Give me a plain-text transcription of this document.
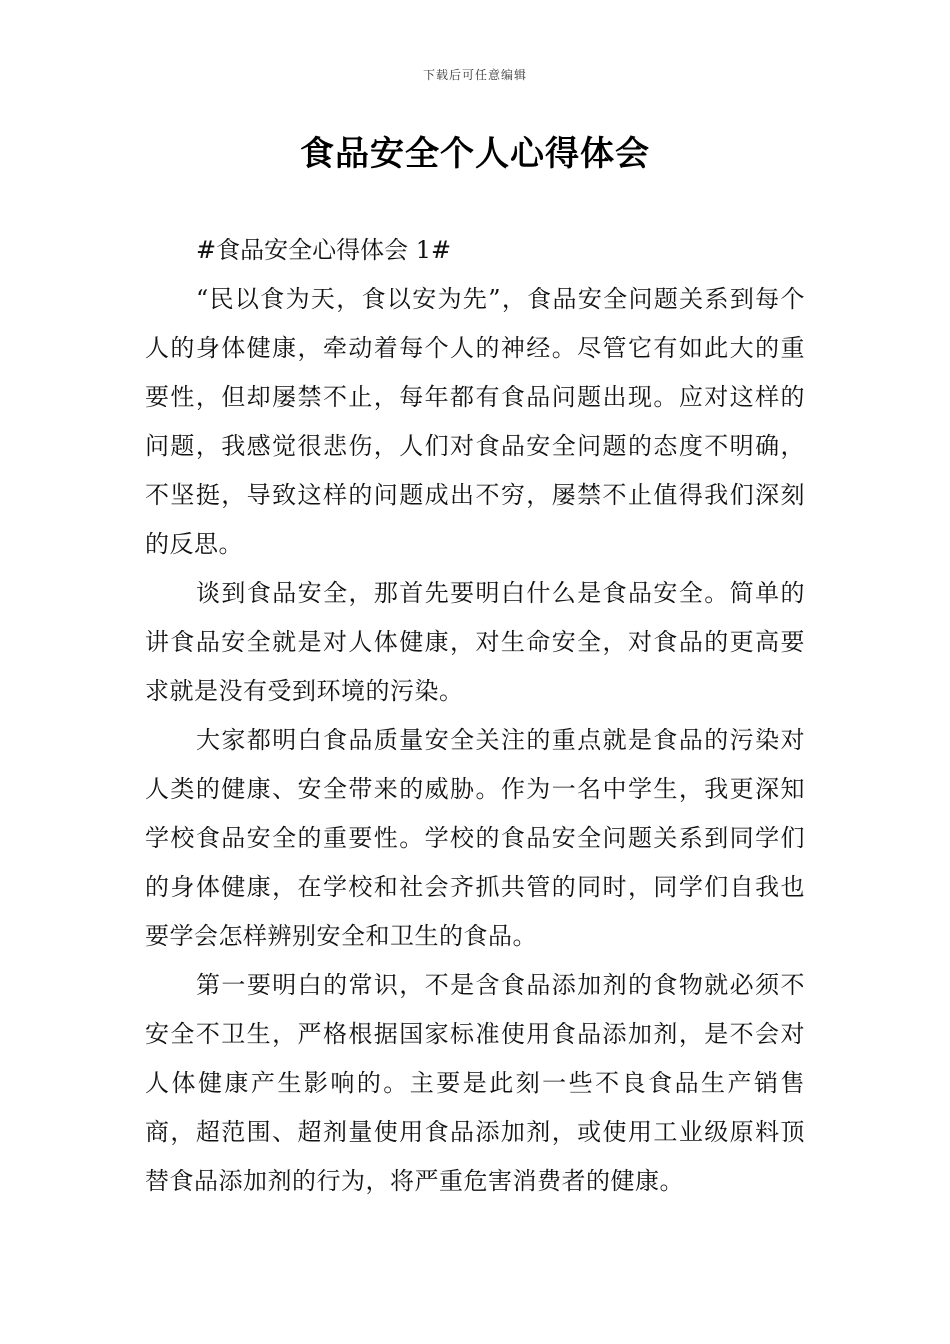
下载后可任意编辑
食品安全个人心得体会

#食品安全心得体会 1#

“民以食为天，食以安为先”，食品安全问题关系到每个人的身体健康，牵动着每个人的神经。尽管它有如此大的重要性，但却屡禁不止，每年都有食品问题出现。应对这样的问题，我感觉很悲伤，人们对食品安全问题的态度不明确，不坚挺，导致这样的问题成出不穷，屡禁不止值得我们深刻的反思。

谈到食品安全，那首先要明白什么是食品安全。简单的讲食品安全就是对人体健康，对生命安全，对食品的更高要求就是没有受到环境的污染。

大家都明白食品质量安全关注的重点就是食品的污染对人类的健康、安全带来的威胁。作为一名中学生，我更深知学校食品安全的重要性。学校的食品安全问题关系到同学们的身体健康，在学校和社会齐抓共管的同时，同学们自我也要学会怎样辨别安全和卫生的食品。

第一要明白的常识，不是含食品添加剂的食物就必须不安全不卫生，严格根据国家标准使用食品添加剂，是不会对人体健康产生影响的。主要是此刻一些不良食品生产销售商，超范围、超剂量使用食品添加剂，或使用工业级原料顶替食品添加剂的行为，将严重危害消费者的健康。
